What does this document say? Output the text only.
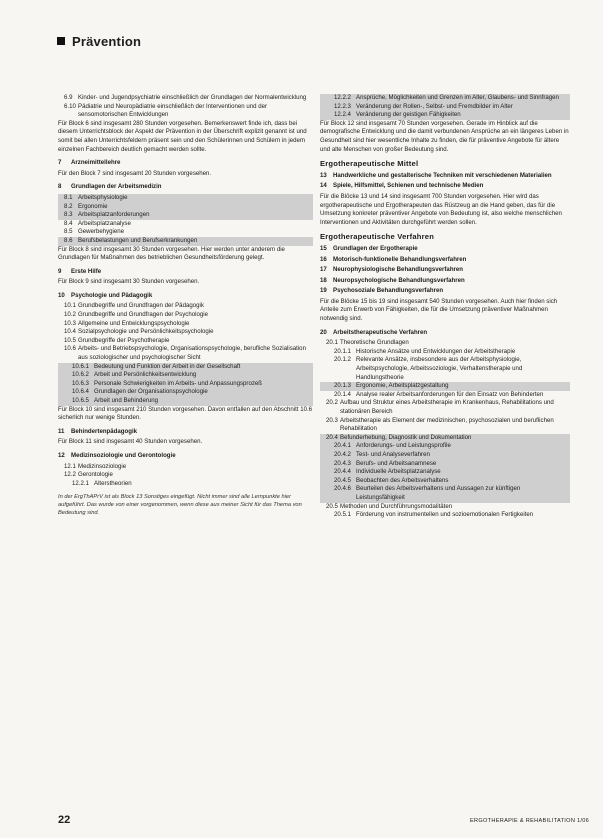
Prävention
6.9 Kinder- und Jugendpsychiatrie einschließlich der Grundlagen der Normalentwicklung
6.10 Pädiatrie und Neuropädiatrie einschließlich der Interventionen und der sensomotorischen Entwicklungen
Für Block 6 sind insgesamt 280 Stunden vorgesehen. Bemerkenswert finde ich, dass bei diesem Unterrichtsblock der Aspekt der Prävention in der Überschrift explizit genannt ist und somit bei allen Unterrichtsfeldern präsent sein und den Schülerinnen und Schülern in jedem einzelnen Fachbereich deutlich gemacht werden sollte.
7	Arzneimittellehre
Für den Block 7 sind insgesamt 20 Stunden vorgesehen.
8	Grundlagen der Arbeitsmedizin
8.1 Arbeitsphysiologie
8.2 Ergonomie
8.3 Arbeitsplatzanforderungen
8.4 Arbeitsplatzanalyse
8.5 Gewerbehygiene
8.6 Berufsbelastungen und Berufserkrankungen
Für Block 8 sind insgesamt 30 Stunden vorgesehen. Hier werden unter anderem die Grundlagen für Maßnahmen des betrieblichen Gesundheitsförderung gelegt.
9	Erste Hilfe
Für Block 9 sind insgesamt 30 Stunden vorgesehen.
10	Psychologie und Pädagogik
10.1 Grundbegriffe und Grundfragen der Pädagogik
10.2 Grundbegriffe und Grundfragen der Psychologie
10.3 Allgemeine und Entwicklungspsychologie
10.4 Sozialpsychologie und Persönlichkeitspsychologie
10.5 Grundbegriffe der Psychotherapie
10.6 Arbeits- und Betriebspsychologie, Organisationspsychologie, berufliche Sozialisation aus soziologischer und psychologischer Sicht
10.6.1 Bedeutung und Funktion der Arbeit in der Gesellschaft
10.6.2 Arbeit und Persönlichkeitsentwicklung
10.6.3 Personale Schwierigkeiten im Arbeits- und Anpassungsprozeß
10.6.4 Grundlagen der Organisationspsychologie
10.6.5 Arbeit und Behinderung
Für Block 10 sind insgesamt 210 Stunden vorgesehen. Davon entfallen auf den Abschnitt 10.6 sicherlich nur wenige Stunden.
11	Behindertenpädagogik
Für Block 11 sind insgesamt 40 Stunden vorgesehen.
12	Medizinsoziologie und Gerontologie
12.1 Medizinsoziologie
12.2 Gerontologie
12.2.1 Alterstheorien
In der ErgThAPrV ist als Block 13 Sonstiges eingefügt. Nicht immer sind alle Lernpunkte hier aufgeführt. Das wurde von einer vorgenommen, wenn diese aus meiner Sicht für das Thema von Bedeutung sind.
12.2.2 Ansprüche, Möglichkeiten und Grenzen im Alter, Glaubens- und Sinnfragen
12.2.3 Veränderung der Rollen-, Selbst- und Fremdbilder im Alter
12.2.4 Veränderung der geistigen Fähigkeiten
Für Block 12 sind insgesamt 70 Stunden vorgesehen. Gerade im Hinblick auf die demografische Entwicklung und die damit verbundenen Ansprüche an ein längeres Leben in Gesundheit sind hier wesentliche Inhalte zu finden, die für präventive Angebote für ältere und alte Menschen von großer Bedeutung sind.
Ergotherapeutische Mittel
13	Handwerkliche und gestalterische Techniken mit verschiedenen Materialien
14	Spiele, Hilfsmittel, Schienen und technische Medien
Für die Blöcke 13 und 14 sind insgesamt 700 Stunden vorgesehen. Hier wird das ergotherapeutische und Ergotherapeuten das Rüstzeug an die Hand geben, das für die Umsetzung konkreter präventiver Angebote von Bedeutung ist, also welche menschlichen Interventionen und Aktivitäten durchgeführt werden sollen.
Ergotherapeutische Verfahren
15	Grundlagen der Ergotherapie
16	Motorisch-funktionelle Behandlungsverfahren
17	Neurophysiologische Behandlungsverfahren
18	Neuropsychologische Behandlungsverfahren
19	Psychosoziale Behandlungsverfahren
Für die Blöcke 15 bis 19 sind insgesamt 540 Stunden vorgesehen. Auch hier finden sich Anteile zum Erwerb von Fähigkeiten, die für die Umsetzung präventiver Maßnahmen notwendig sind.
20	Arbeitstherapeutische Verfahren
20.1 Theoretische Grundlagen
20.1.1 Historische Ansätze und Entwicklungen der Arbeitstherapie
20.1.2 Relevante Ansätze, insbesondere aus der Arbeitsphysiologie, Arbeitspsychologie, Arbeitssoziologie, Verhaltenstherapie und Handlungstheorie
20.1.3 Ergonomie, Arbeitsplatzgestaltung
20.1.4 Analyse realer Arbeitsanforderungen für den Einsatz von Behinderten
20.2 Aufbau und Struktur eines Arbeitstherapie im Krankenhaus, Rehabilitations und stationären Bereich
20.3 Arbeitstherapie als Element der medizinischen, psychosozialen und beruflichen Rehabilitation
20.4 Befunderhebung, Diagnostik und Dokumentation
20.4.1 Anforderungs- und Leistungsprofile
20.4.2 Test- und Analyseverfahren
20.4.3 Berufs- und Arbeitsanamnese
20.4.4 Individuelle Arbeitsplatzanalyse
20.4.5 Beobachten des Arbeitsverhaltens
20.4.6 Beurteilen des Arbeitsverhaltens und Aussagen zur künftigen Leistungsfähigkeit
20.5 Methoden und Durchführungsmodalitäten
20.5.1 Förderung von instrumentellen und sozioemotionalen Fertigkeiten
22	ERGOTHERAPIE & REHABILITATION 1/06
